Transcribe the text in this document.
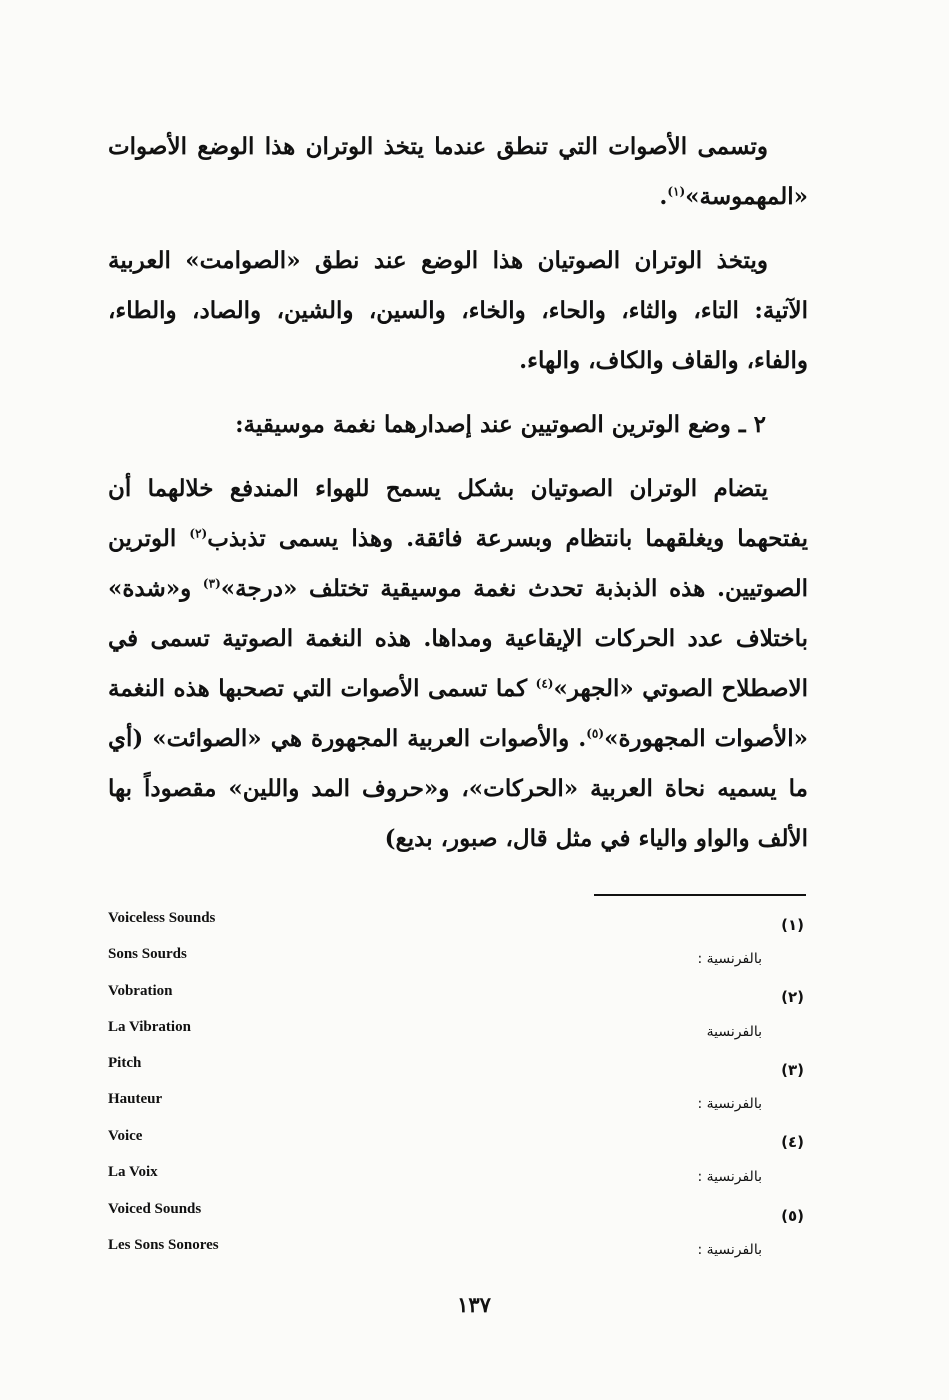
وتسمى الأصوات التي تنطق عندما يتخذ الوتران هذا الوضع الأصوات «المهموسة»$^{(١)}$.

ويتخذ الوتران الصوتيان هذا الوضع عند نطق «الصوامت» العربية الآتية: التاء، والثاء، والحاء، والخاء، والسين، والشين، والصاد، والطاء، والفاء، والقاف والكاف، والهاء.

٢ ـ وضع الوترين الصوتيين عند إصدارهما نغمة موسيقية:

يتضام الوتران الصوتيان بشكل يسمح للهواء المندفع خلالهما أن يفتحهما ويغلقهما بانتظام وبسرعة فائقة. وهذا يسمى تذبذب$^{(٢)}$ الوترين الصوتيين. هذه الذبذبة تحدث نغمة موسيقية تختلف «درجة»$^{(٣)}$ و«شدة» باختلاف عدد الحركات الإيقاعية ومداها. هذه النغمة الصوتية تسمى في الاصطلاح الصوتي «الجهر»$^{(٤)}$ كما تسمى الأصوات التي تصحبها هذه النغمة «الأصوات المجهورة»$^{(٥)}$. والأصوات العربية المجهورة هي «الصوائت» (أي ما يسميه نحاة العربية «الحركات»، و«حروف المد واللين» مقصوداً بها الألف والواو والياء في مثل قال، صبور، بديع)

(١)
Voiceless Sounds
بالفرنسية :
Sons Sourds
(٢)
Vobration
بالفرنسية
La Vibration
(٣)
Pitch
بالفرنسية :
Hauteur
(٤)
Voice
بالفرنسية :
La Voix
(٥)
Voiced Sounds
بالفرنسية :
Les Sons Sonores
١٣٧
